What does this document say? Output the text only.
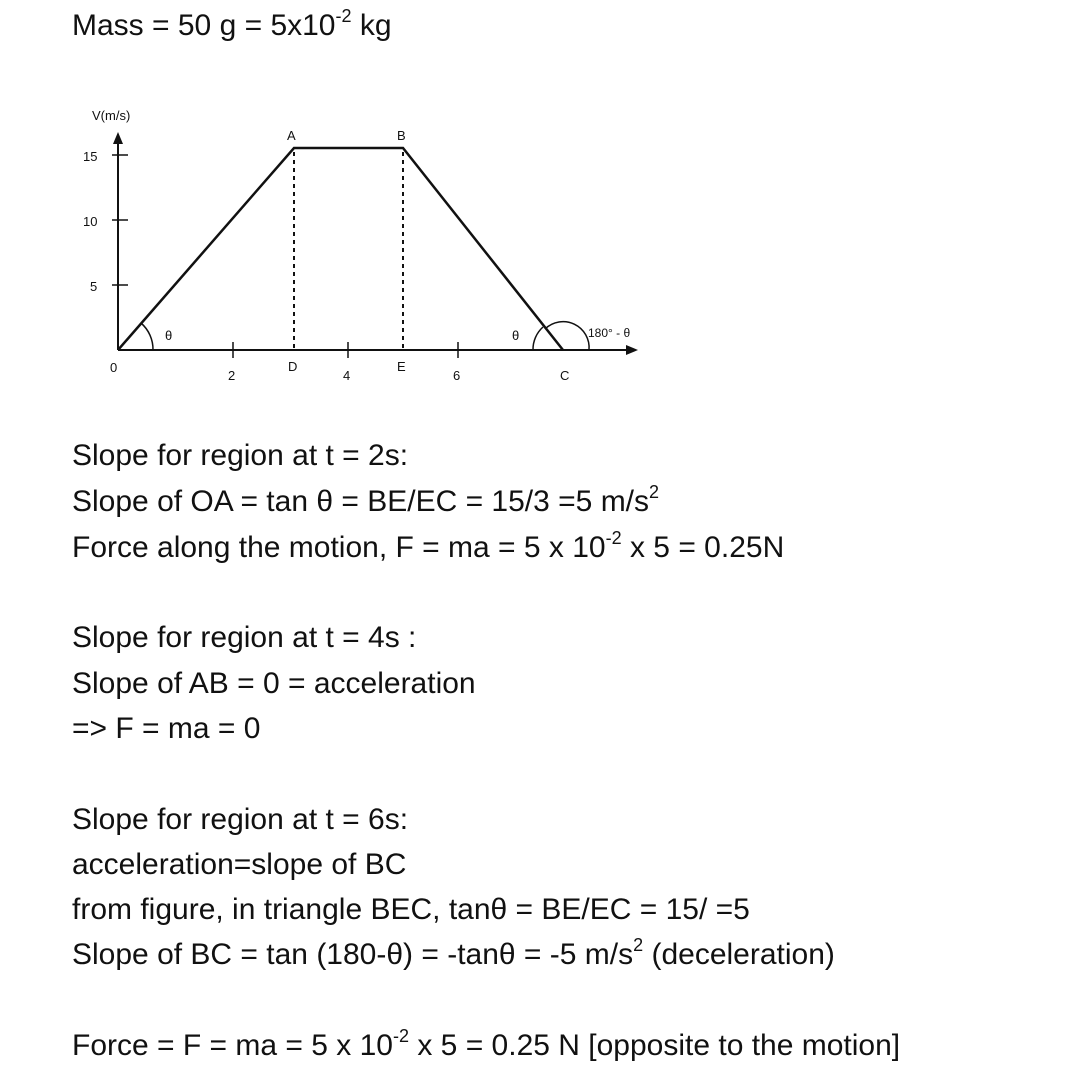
Mass = 50 $g = 5x10^{-2}$ kg
V(m/s)
15
10
5
2	4	6
0
A	B
D	E
C
θ	θ	180° - θ
Slope for region at t = 2s:
Slope of OA = tan θ = BE/EC = 15/3 =5 $m/s^2$
Force along the motion, F = ma = 5 x $10^{-2}$ x 5 = 0.25N
Slope for region at t = 4s :
Slope of AB = 0 = acceleration
=> F = ma = 0
Slope for region at t = 6s:
acceleration=slope of BC
from figure, in triangle BEC, tanθ = BE/EC = 15/ =5
Slope of BC = tan (180-θ) = -tanθ = -5 $m/s^2$ (deceleration)
Force = F = ma = 5 x $10^{-2}$ x 5 = 0.25 N [opposite to the motion]
